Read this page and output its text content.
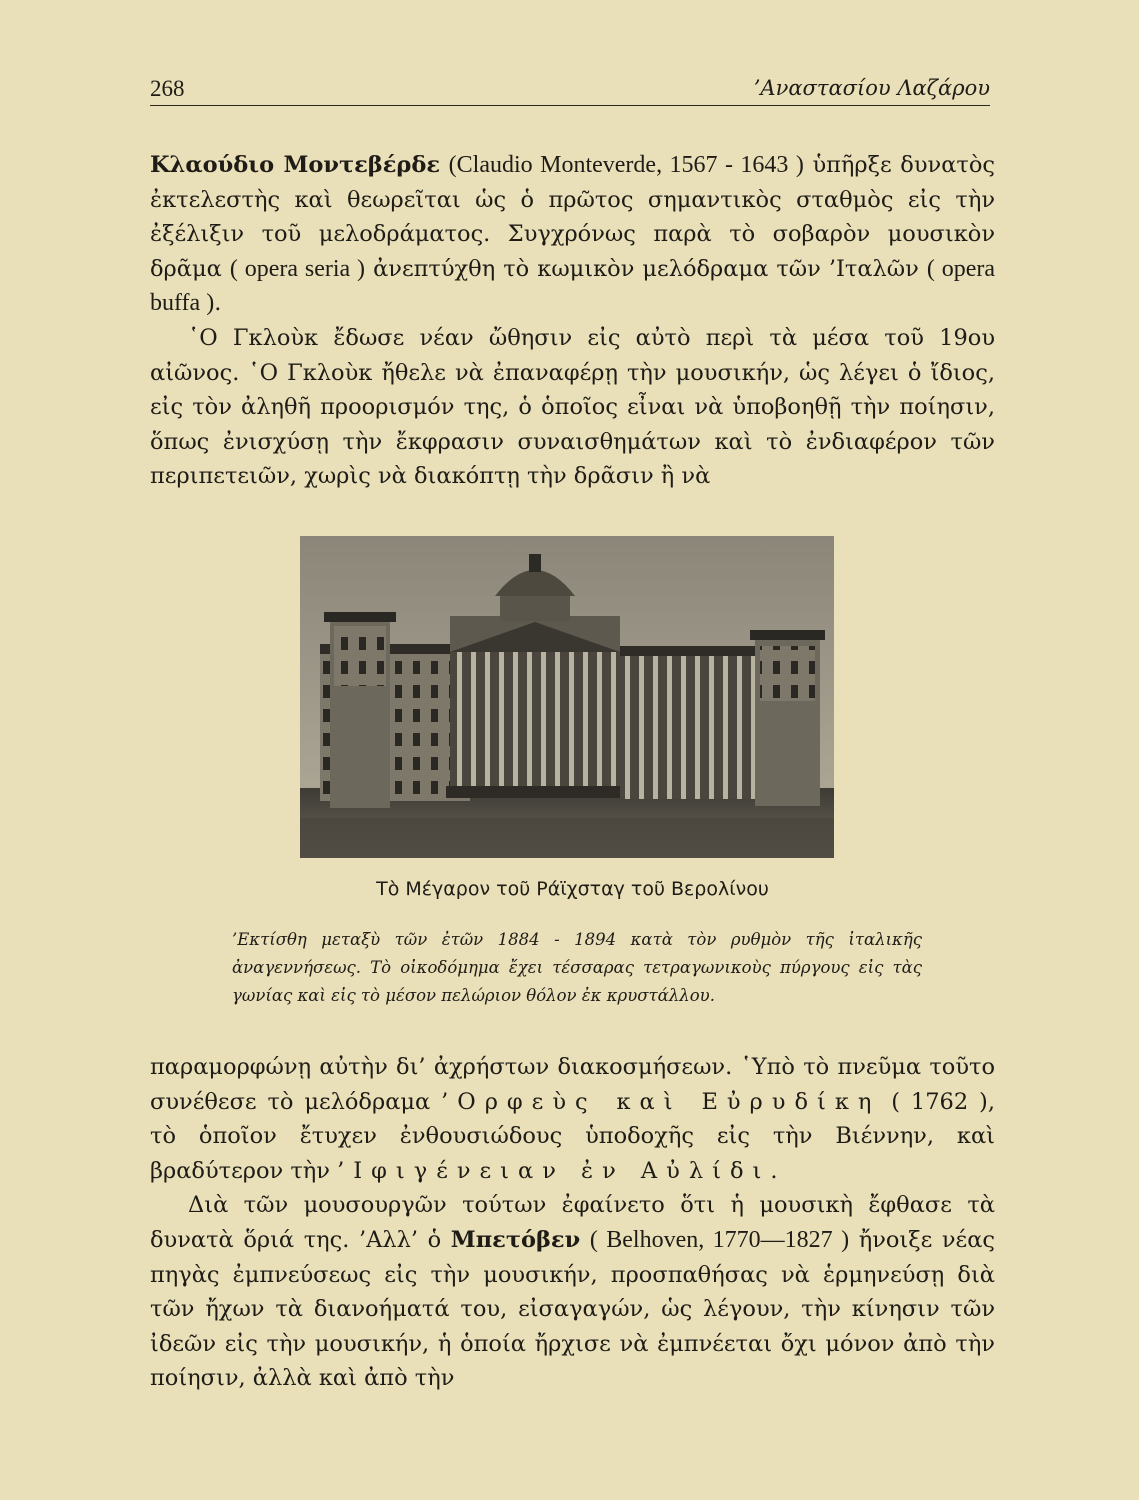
268	’Αναστασίου Λαζάρου

Κλαούδιο Μοντεβέρδε (Claudio Monteverde, 1567 - 1643 ) ὑπῆρξε δυνατὸς ἐκτελεστὴς καὶ θεωρεῖται ὡς ὁ πρῶτος σημαντικὸς σταθμὸς εἰς τὴν ἐξέλιξιν τοῦ μελοδράματος. Συγχρόνως παρὰ τὸ σοβαρὸν μουσικὸν δρᾶμα ( opera seria ) ἀνεπτύχθη τὸ κωμικὸν μελόδραμα τῶν ’Ιταλῶν ( opera buffa ).

῾Ο Γκλοὺκ ἔδωσε νέαν ὤθησιν εἰς αὐτὸ περὶ τὰ μέσα τοῦ 19ου αἰῶνος. ῾Ο Γκλοὺκ ἤθελε νὰ ἐπαναφέρῃ τὴν μουσικήν, ὡς λέγει ὁ ἴδιος, εἰς τὸν ἀληθῆ προορισμόν της, ὁ ὁποῖος εἶναι νὰ ὑποβοηθῇ τὴν ποίησιν, ὅπως ἐνισχύσῃ τὴν ἔκφρασιν συναισθημάτων καὶ τὸ ἐνδιαφέρον τῶν περιπετειῶν, χωρὶς νὰ διακόπτῃ τὴν δρᾶσιν ἢ νὰ

Τὸ Μέγαρον τοῦ Ράϊχσταγ τοῦ Βερολίνου
’Εκτίσθη μεταξὺ τῶν ἐτῶν 1884 - 1894 κατὰ τὸν ρυθμὸν τῆς ἰταλικῆς ἀναγεννήσεως. Τὸ οἰκοδόμημα ἔχει τέσσαρας τετραγωνικοὺς πύργους εἰς τὰς γωνίας καὶ εἰς τὸ μέσον πελώριον θόλον ἐκ κρυστάλλου.

παραμορφώνῃ αὐτὴν δι’ ἀχρήστων διακοσμήσεων. ῾Υπὸ τὸ πνεῦμα τοῦτο συνέθεσε τὸ μελόδραμα ’Ορφεὺς καὶ Εὐρυδίκη ( 1762 ), τὸ ὁποῖον ἔτυχεν ἐνθουσιώδους ὑποδοχῆς εἰς τὴν Βιέννην, καὶ βραδύτερον τὴν ’Ιφιγένειαν ἐν Αὐλίδι.

Διὰ τῶν μουσουργῶν τούτων ἐφαίνετο ὅτι ἡ μουσικὴ ἔφθασε τὰ δυνατὰ ὅριά της. ’Αλλ’ ὁ Μπετόβεν ( Belhoven, 1770—1827 ) ἤνοιξε νέας πηγὰς ἐμπνεύσεως εἰς τὴν μουσικήν, προσπαθήσας νὰ ἑρμηνεύσῃ διὰ τῶν ἤχων τὰ διανοήματά του, εἰσαγαγών, ὡς λέγουν, τὴν κίνησιν τῶν ἰδεῶν εἰς τὴν μουσικήν, ἡ ὁποία ἤρχισε νὰ ἐμπνέεται ὄχι μόνον ἀπὸ τὴν ποίησιν, ἀλλὰ καὶ ἀπὸ τὴν
